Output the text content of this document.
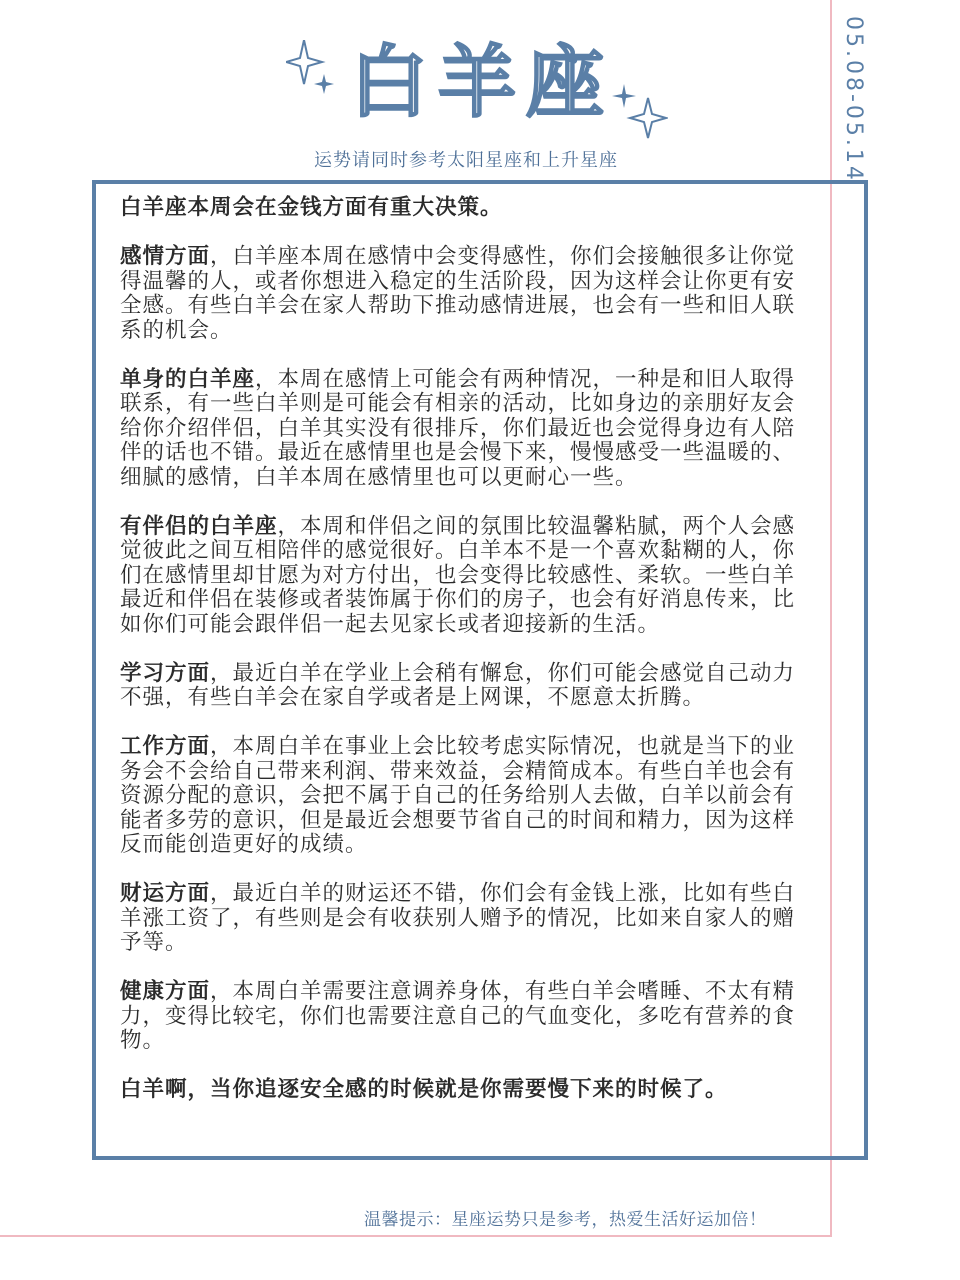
白羊座
运势请同时参考太阳星座和上升星座	05.08-05.14

白羊座本周会在金钱方面有重大决策。

感情方面，白羊座本周在感情中会变得感性，你们会接触很多让你觉得温馨的人，或者你想进入稳定的生活阶段，因为这样会让你更有安全感。有些白羊会在家人帮助下推动感情进展，也会有一些和旧人联系的机会。

单身的白羊座，本周在感情上可能会有两种情况，一种是和旧人取得联系，有一些白羊则是可能会有相亲的活动，比如身边的亲朋好友会给你介绍伴侣，白羊其实没有很排斥，你们最近也会觉得身边有人陪伴的话也不错。最近在感情里也是会慢下来，慢慢感受一些温暖的、细腻的感情，白羊本周在感情里也可以更耐心一些。

有伴侣的白羊座，本周和伴侣之间的氛围比较温馨粘腻，两个人会感觉彼此之间互相陪伴的感觉很好。白羊本不是一个喜欢黏糊的人，你们在感情里却甘愿为对方付出，也会变得比较感性、柔软。一些白羊最近和伴侣在装修或者装饰属于你们的房子，也会有好消息传来，比如你们可能会跟伴侣一起去见家长或者迎接新的生活。

学习方面，最近白羊在学业上会稍有懈怠，你们可能会感觉自己动力不强，有些白羊会在家自学或者是上网课，不愿意太折腾。

工作方面，本周白羊在事业上会比较考虑实际情况，也就是当下的业务会不会给自己带来利润、带来效益，会精简成本。有些白羊也会有资源分配的意识，会把不属于自己的任务给别人去做，白羊以前会有能者多劳的意识，但是最近会想要节省自己的时间和精力，因为这样反而能创造更好的成绩。

财运方面，最近白羊的财运还不错，你们会有金钱上涨，比如有些白羊涨工资了，有些则是会有收获别人赠予的情况，比如来自家人的赠予等。

健康方面，本周白羊需要注意调养身体，有些白羊会嗜睡、不太有精力，变得比较宅，你们也需要注意自己的气血变化，多吃有营养的食物。

白羊啊，当你追逐安全感的时候就是你需要慢下来的时候了。

温馨提示：星座运势只是参考，热爱生活好运加倍！
